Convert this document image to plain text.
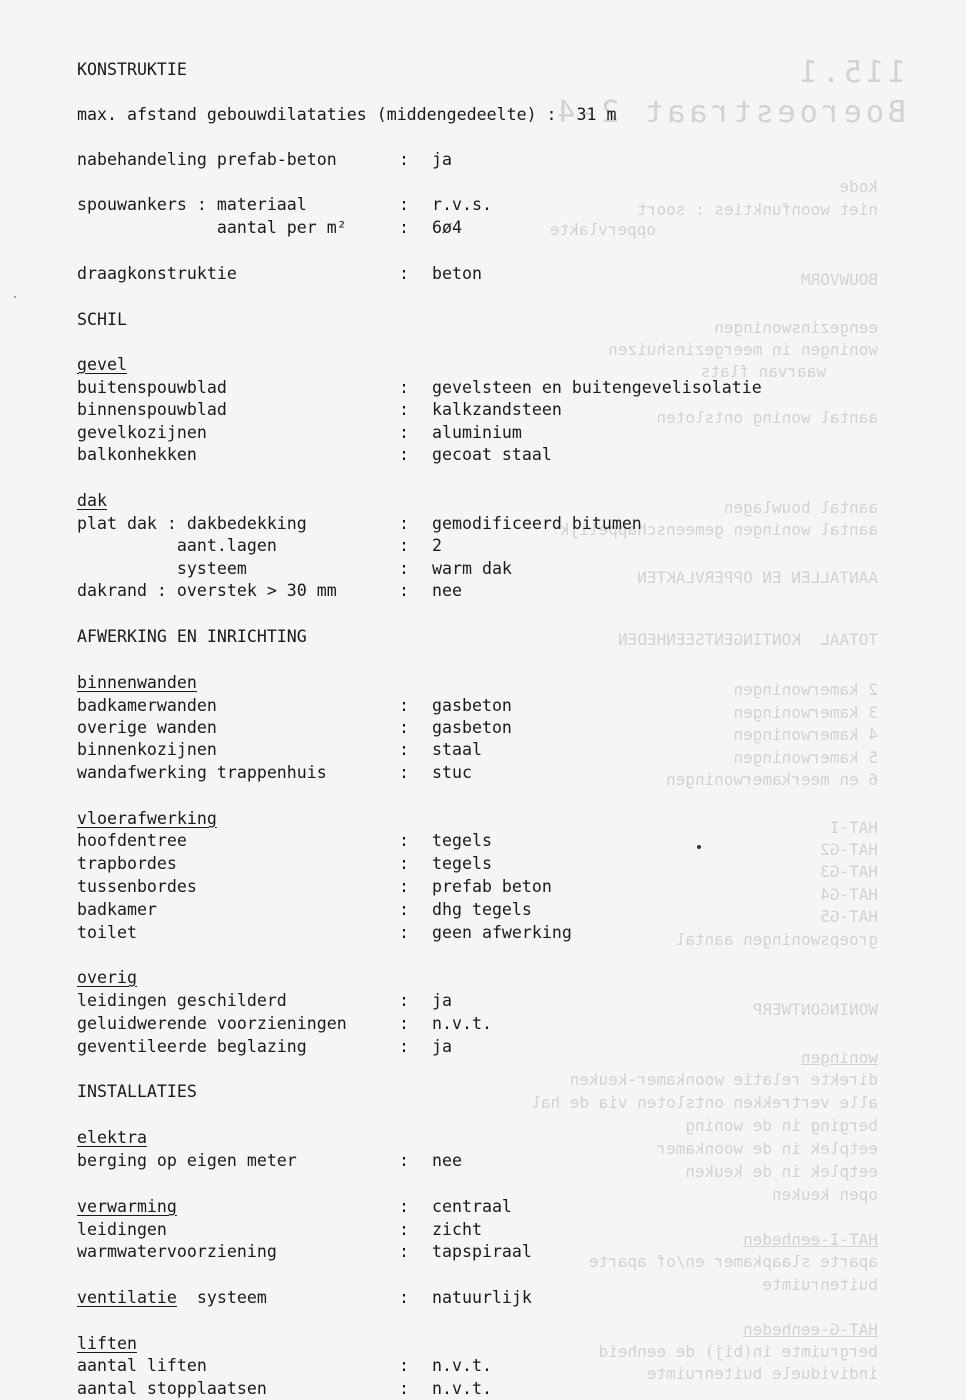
115.1
Boeroestraat 2-4
kode
niet woonfunkties : soort
oppervlakte
BOUWVORM
eengezinswoningen
woningen in meergezinshuizen
waarvan flats
aantal woning ontsloten
aantal bouwlagen
aantal woningen gemeenschappelijk
AANTALLEN EN OPPERVLAKTEN
TOTAAL  KONTINGENTSEENHEDEN
2 kamerwoningen
3 kamerwoningen
4 kamerwoningen
5 kamerwoningen
6 en meerkamerwoningen
HAT-I
HAT-G2
HAT-G3
HAT-G4
HAT-G5
groepswoningen aantal
WONINGONTWERP
woningen
direkte relatie woonkamer-keuken
alle vertrekken ontsloten via de hal
berging in de woning
eetplek in de woonkamer
eetplek in de keuken
open keuken
HAT-I-eenheden
aparte slaapkamer en/of aparte
buitenruimte
HAT-G-eenheden
bergruimte in(bij) de eenheid
individuele buitenruimte
KONSTRUKTIE
max. afstand gebouwdilataties (middengedeelte) :  31 m
nabehandeling prefab-beton	: ja
spouwankers : materiaal	: r.v.s.
aantal per m²	: 6ø4
draagkonstruktie	: beton
SCHIL
gevel
buitenspouwblad	: gevelsteen en buitengevelisolatie
binnenspouwblad	: kalkzandsteen
gevelkozijnen	: aluminium
balkonhekken	: gecoat staal
dak
plat dak : dakbedekking	: gemodificeerd bitumen
aant.lagen	: 2
systeem	: warm dak
dakrand : overstek > 30 mm	: nee
AFWERKING EN INRICHTING
binnenwanden
badkamerwanden	: gasbeton
overige wanden	: gasbeton
binnenkozijnen	: staal
wandafwerking trappenhuis	: stuc
vloerafwerking
hoofdentree	: tegels
trapbordes	: tegels
tussenbordes	: prefab beton
badkamer	: dhg tegels
toilet	: geen afwerking
overig
leidingen geschilderd	: ja
geluidwerende voorzieningen	: n.v.t.
geventileerde beglazing	: ja
INSTALLATIES
elektra
berging op eigen meter	: nee
verwarming	: centraal
leidingen	: zicht
warmwatervoorziening	: tapspiraal
ventilatie  systeem	: natuurlijk
liften
aantal liften	: n.v.t.
aantal stopplaatsen	: n.v.t.
